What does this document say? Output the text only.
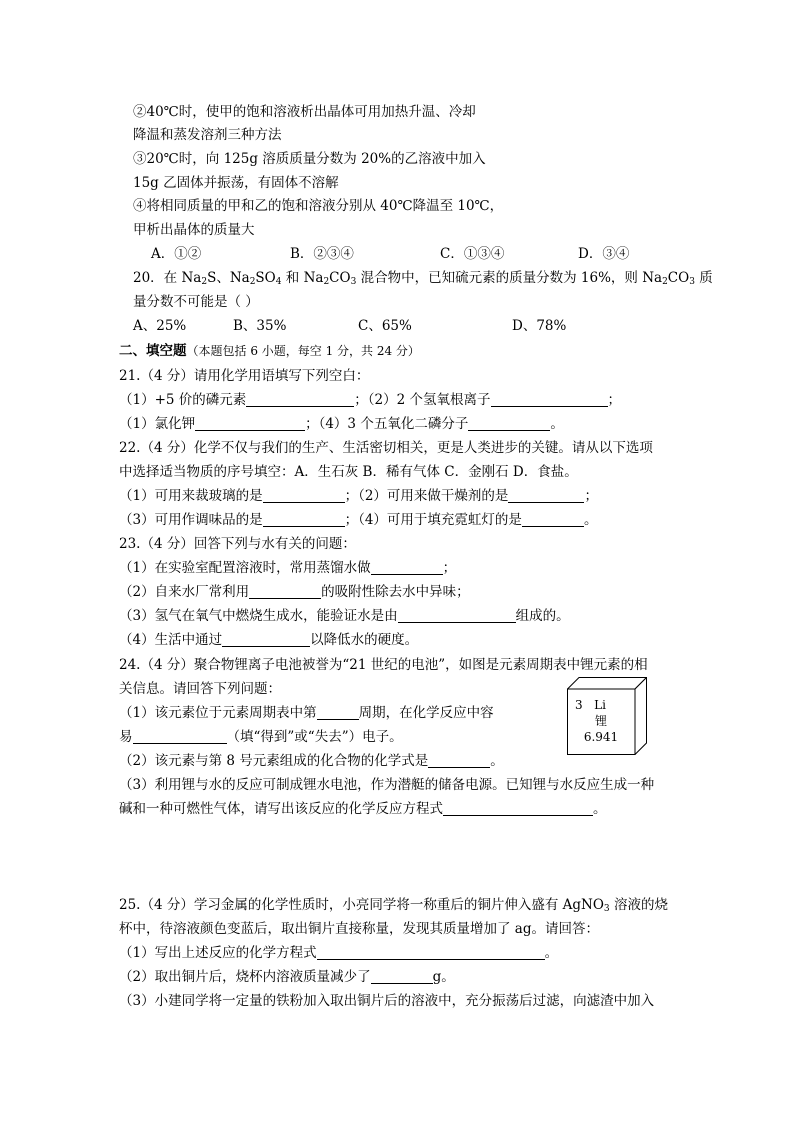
②40℃时，使甲的饱和溶液析出晶体可用加热升温、冷却
降温和蒸发溶剂三种方法
③20℃时，向 125g 溶质质量分数为 20%的乙溶液中加入
15g 乙固体并振荡，有固体不溶解
④将相同质量的甲和乙的饱和溶液分别从 40℃降温至 10℃，
甲析出晶体的质量大
A．①②	B．②③④	C．①③④	D．③④
20．在 $Na_2S$、$Na_2SO_4$ 和 $Na_2CO_3$ 混合物中，已知硫元素的质量分数为 16%，则 $Na_2CO_3$ 质
量分数不可能是（ ）
A、25%	B、35%	C、65%	D、78%
二、填空题（本题包括 6 小题，每空 1 分，共 24 分）
21.（4 分）请用化学用语填写下列空白：
（1）+5 价的磷元素	；（2）2 个氢氧根离子	；
（1）氯化钾	；（4）3 个五氧化二磷分子	。
22.（4 分）化学不仅与我们的生产、生活密切相关，更是人类进步的关键。请从以下选项
中选择适当物质的序号填空：A．生石灰 B．稀有气体 C．金刚石 D．食盐。
（1）可用来裁玻璃的是	；（2）可用来做干燥剂的是	；
（3）可用作调味品的是	；（4）可用于填充霓虹灯的是	。
23.（4 分）回答下列与水有关的问题：
（1）在实验室配置溶液时，常用蒸馏水做	；
（2）自来水厂常利用	的吸附性除去水中异味；
（3）氢气在氧气中燃烧生成水，能验证水是由	组成的。
（4）生活中通过	以降低水的硬度。
24.（4 分）聚合物锂离子电池被誉为“21 世纪的电池”，如图是元素周期表中锂元素的相
关信息。请回答下列问题：
（1）该元素位于元素周期表中第	周期，在化学反应中容
易	（填“得到”或“失去”）电子。
（2）该元素与第 8 号元素组成的化合物的化学式是	。
（3）利用锂与水的反应可制成锂水电池，作为潜艇的储备电源。已知锂与水反应生成一种
碱和一种可燃性气体，请写出该反应的化学反应方程式	。
3 Li
锂
6.941
25.（4 分）学习金属的化学性质时，小亮同学将一称重后的铜片伸入盛有 AgNO$_3$ 溶液的烧
杯中，待溶液颜色变蓝后，取出铜片直接称量，发现其质量增加了 ag。请回答：
（1）写出上述反应的化学方程式	。
（2）取出铜片后，烧杯内溶液质量减少了	g。
（3）小建同学将一定量的铁粉加入取出铜片后的溶液中，充分振荡后过滤，向滤渣中加入
